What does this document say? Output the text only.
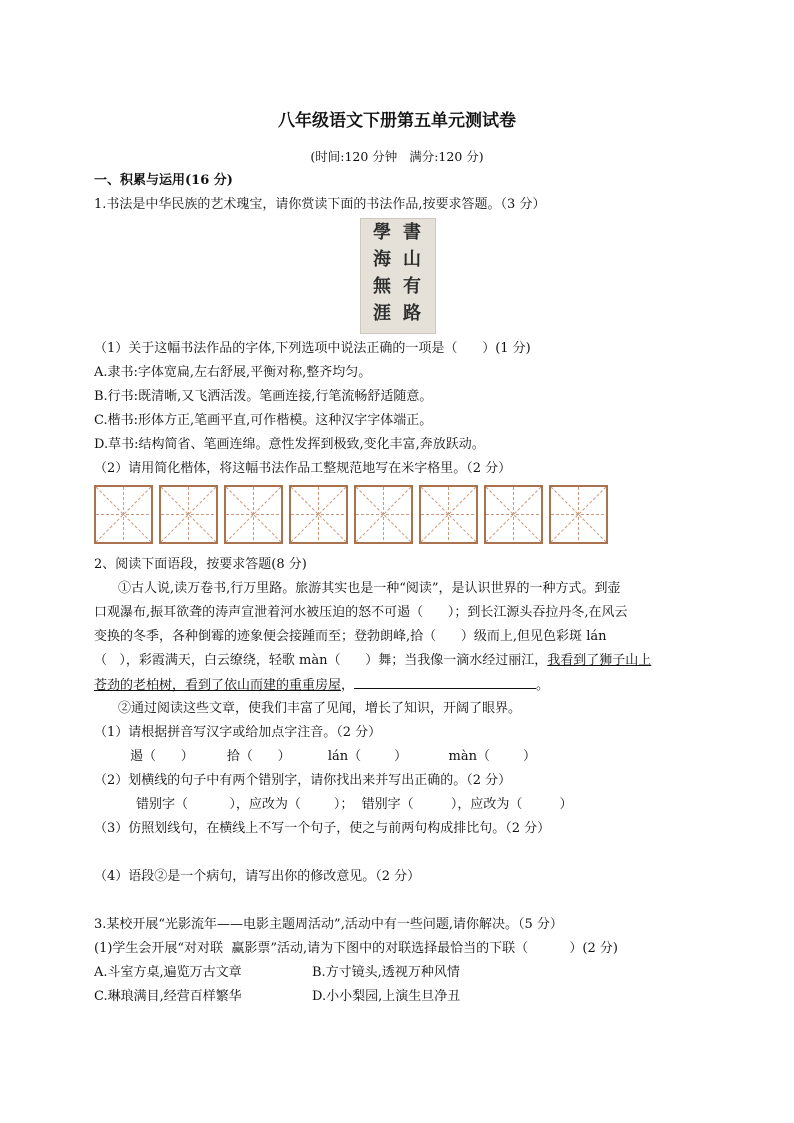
八年级语文下册第五单元测试卷
(时间:120 分钟   满分:120 分)
一、积累与运用(16 分)
1.书法是中华民族的艺术瑰宝，请你赏读下面的书法作品,按要求答题。（3 分）
書
山
有
路
學
海
無
涯
（1）关于这幅书法作品的字体,下列选项中说法正确的一项是（      ）(1 分)
A.隶书:字体宽扁,左右舒展,平衡对称,整齐均匀。
B.行书:既清晰,又飞洒活泼。笔画连接,行笔流畅舒适随意。
C.楷书:形体方正,笔画平直,可作楷模。这种汉字字体端正。
D.草书:结构简省、笔画连绵。意性发挥到极致,变化丰富,奔放跃动。
（2）请用简化楷体，将这幅书法作品工整规范地写在米字格里。（2 分）
2、阅读下面语段，按要求答题(8 分)
①古人说,读万卷书,行万里路。旅游其实也是一种“阅读”，是认识世界的一种方式。到壶
口观瀑布,振耳欲聋的涛声宣泄着河水被压迫的怒不可遏（      ）；到长江源头吞拉丹冬,在风云
变换的冬季，各种倒霉的迹象便会接踵而至；登勃朗峰,拾（      ）级而上,但见色彩斑 lán
（   ），彩霞满天，白云缭绕，轻歌 màn（      ）舞；当我像一滴水经过丽江，我看到了狮子山上
苍劲的老柏树，看到了依山而建的重重房屋，	。
②通过阅读这些文章，使我们丰富了见闻，增长了知识，开阔了眼界。
（1）请根据拼音写汉字或给加点字注音。（2 分）
遏（      ）        拾（      ）         lán（        ）          màn（        ）
（2）划横线的句子中有两个错别字，请你找出来并写出正确的。（2 分）
错别字（          ），应改为（        ）；  错别字（         ），应改为（         ）
（3）仿照划线句，在横线上不写一个句子，使之与前两句构成排比句。（2 分）
（4）语段②是一个病句，请写出你的修改意见。（2 分）
3.某校开展“光影流年——电影主题周活动”,活动中有一些问题,请你解决。（5 分）
(1)学生会开展“对对联  赢影票”活动,请为下图中的对联选择最恰当的下联（          ）(2 分)
A.斗室方桌,遍览万古文章	B.方寸镜头,透视万种风情
C.琳琅满目,经营百样繁华	D.小小梨园,上演生旦净丑
